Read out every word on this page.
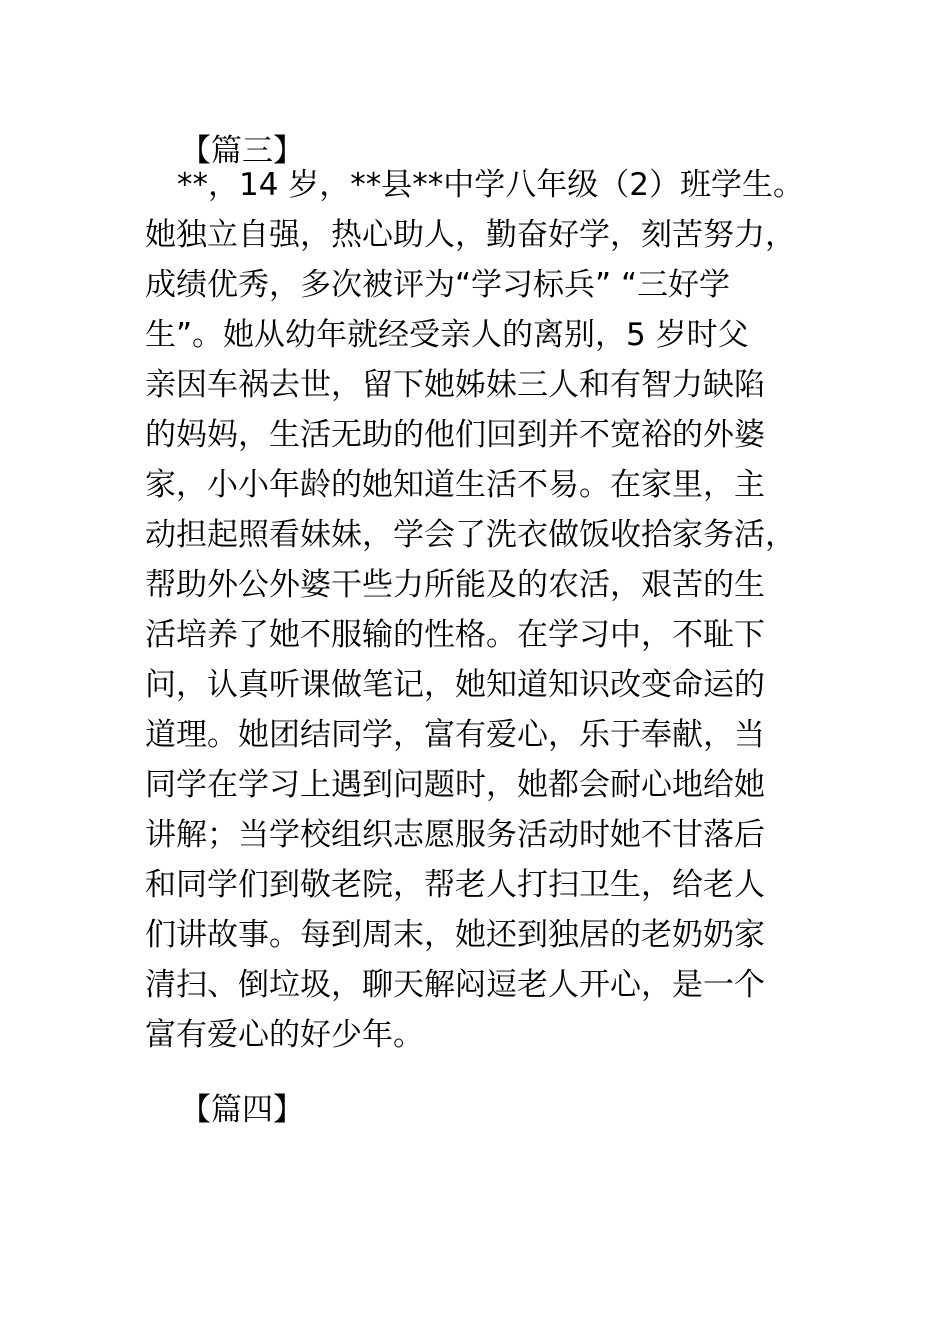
【篇三】
**，14 岁，**县**中学八年级（2）班学生。
她独立自强，热心助人，勤奋好学，刻苦努力，
成绩优秀，多次被评为“学习标兵” “三好学
生”。她从幼年就经受亲人的离别，5 岁时父
亲因车祸去世，留下她姊妹三人和有智力缺陷
的妈妈，生活无助的他们回到并不宽裕的外婆
家，小小年龄的她知道生活不易。在家里，主
动担起照看妹妹，学会了洗衣做饭收拾家务活，
帮助外公外婆干些力所能及的农活，艰苦的生
活培养了她不服输的性格。在学习中，不耻下
问，认真听课做笔记，她知道知识改变命运的
道理。她团结同学，富有爱心，乐于奉献，当
同学在学习上遇到问题时，她都会耐心地给她
讲解；当学校组织志愿服务活动时她不甘落后
和同学们到敬老院，帮老人打扫卫生，给老人
们讲故事。每到周末，她还到独居的老奶奶家
清扫、倒垃圾，聊天解闷逗老人开心，是一个
富有爱心的好少年。
【篇四】
